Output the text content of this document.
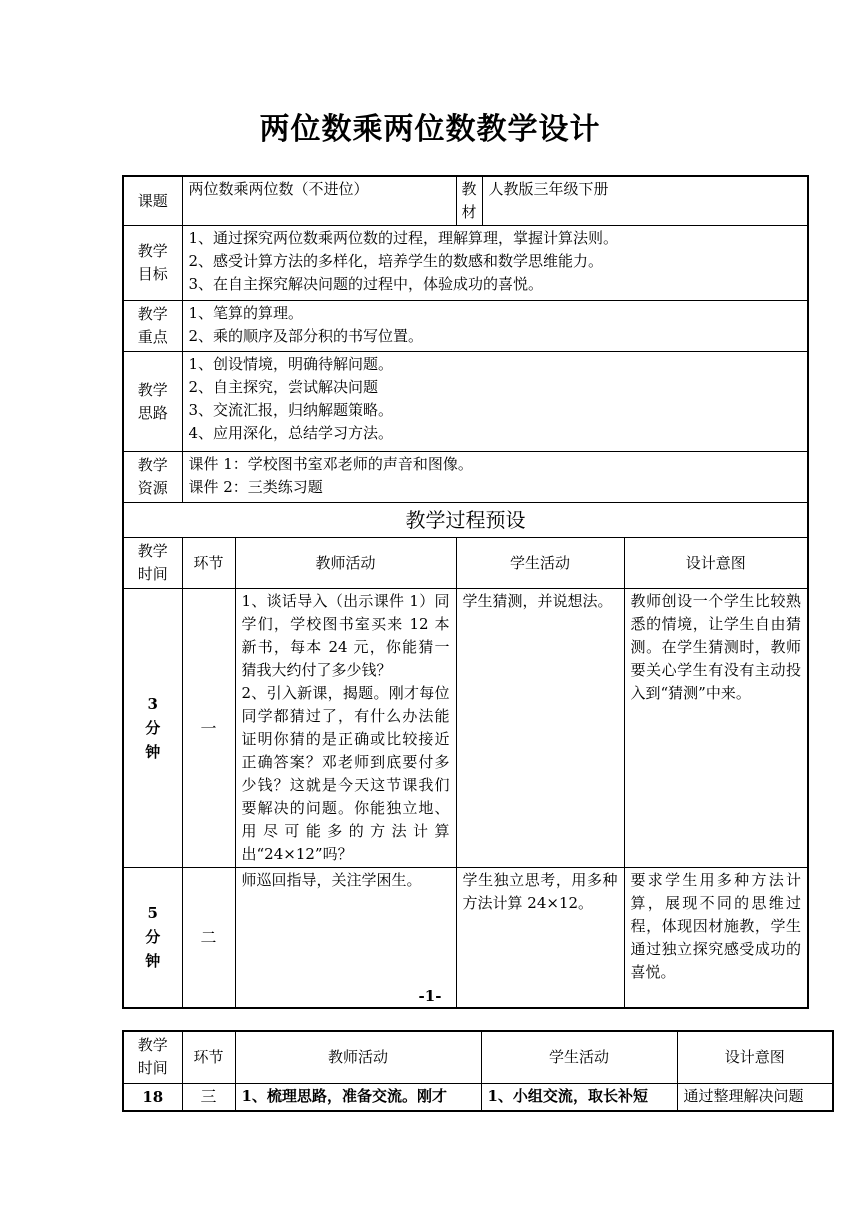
两位数乘两位数教学设计
课题	两位数乘两位数（不进位）		教材	人教版三年级下册	

教学
目标	1、通过探究两位数乘两位数的过程，理解算理，掌握计算法则。
2、感受计算方法的多样化，培养学生的数感和数学思维能力。
3、在自主探究解决问题的过程中，体验成功的喜悦。				

教学
重点	1、笔算的算理。
2、乘的顺序及部分积的书写位置。				

教学
思路	1、创设情境，明确待解问题。
2、自主探究，尝试解决问题
3、交流汇报，归纳解题策略。
4、应用深化，总结学习方法。				

教学
资源	课件 1：学校图书室邓老师的声音和图像。
课件 2：三类练习题				

教学过程预设					

教学
时间	环节	教师活动	学生活动		设计意图

3
分
钟	一	1、谈话导入（出示课件 1）同学们，学校图书室买来 12 本新书，每本 24 元，你能猜一猜我大约付了多少钱？
2、引入新课，揭题。刚才每位同学都猜过了，有什么办法能证明你猜的是正确或比较接近正确答案？邓老师到底要付多少钱？这就是今天这节课我们要解决的问题。你能独立地、用尽可能多的方法计算出“24×12”吗？	学生猜测，并说想法。		教师创设一个学生比较熟悉的情境，让学生自由猜测。在学生猜测时，教师要关心学生有没有主动投入到“猜测”中来。

5
分
钟	二	师巡回指导，关注学困生。	学生独立思考，用多种方法计算 24×12。		要求学生用多种方法计算，展现不同的思维过程，体现因材施教，学生通过独立探究感受成功的喜悦。
-1-
教学
时间	环节	教师活动	学生活动	设计意图
18	三	1、梳理思路，准备交流。刚才	1、小组交流，取长补短	通过整理解决问题
